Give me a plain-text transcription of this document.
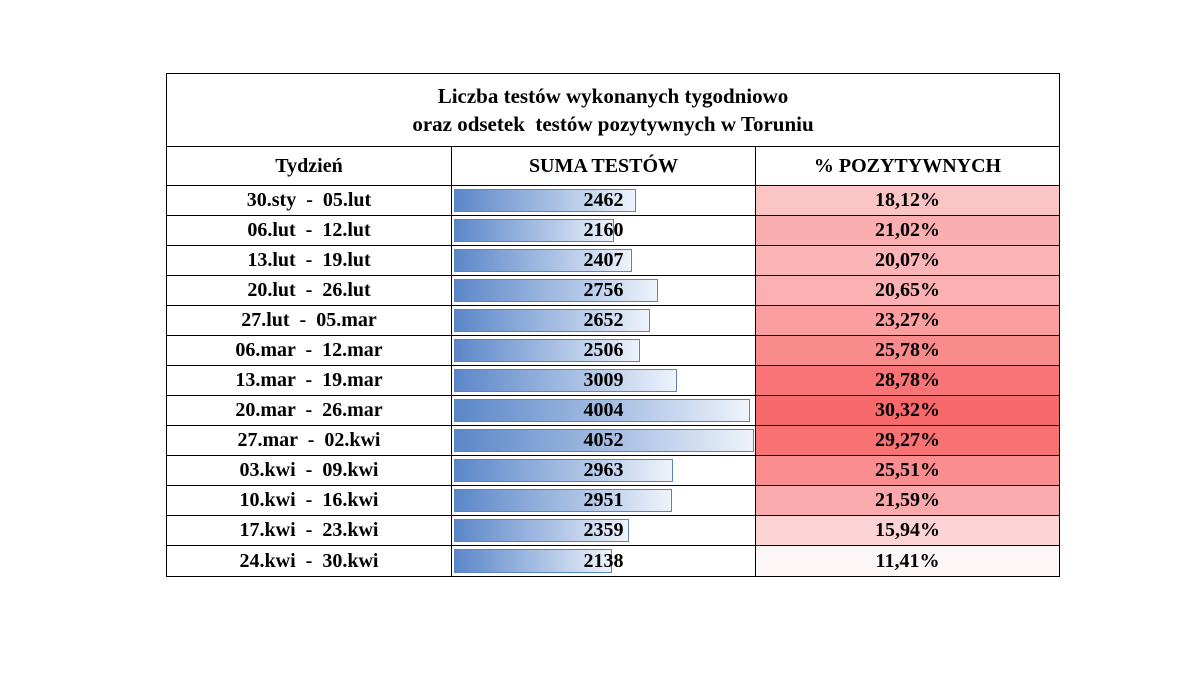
Liczba testów wykonanych tygodniowo
oraz odsetek  testów pozytywnych w Toruniu
Tydzień	SUMA TESTÓW	% POZYTYWNYCH
30.sty  -  05.lut	2462	18,12%
06.lut  -  12.lut	2160	21,02%
13.lut  -  19.lut	2407	20,07%
20.lut  -  26.lut	2756	20,65%
27.lut  -  05.mar	2652	23,27%
06.mar  -  12.mar	2506	25,78%
13.mar  -  19.mar	3009	28,78%
20.mar  -  26.mar	4004	30,32%
27.mar  -  02.kwi	4052	29,27%
03.kwi  -  09.kwi	2963	25,51%
10.kwi  -  16.kwi	2951	21,59%
17.kwi  -  23.kwi	2359	15,94%
24.kwi  -  30.kwi	2138	11,41%
